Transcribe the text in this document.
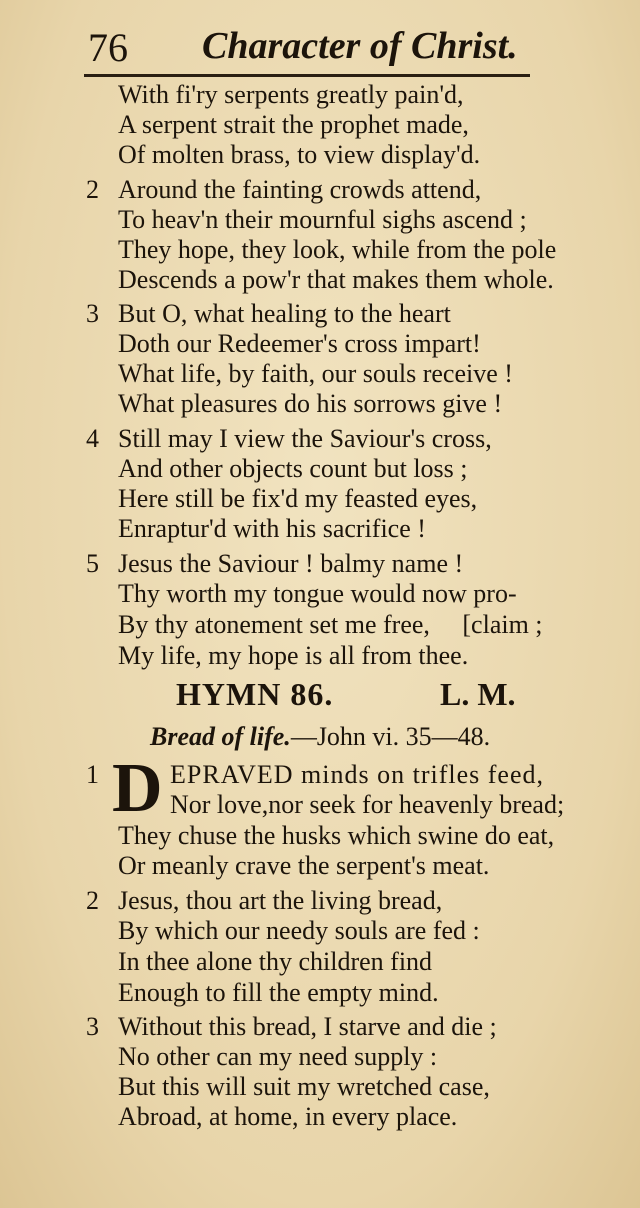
76 Character of Christ.
With fi'ry serpents greatly pain'd,
A serpent strait the prophet made,
Of molten brass, to view display'd.
2 Around the fainting crowds attend,
To heav'n their mournful sighs ascend ;
They hope, they look, while from the pole
Descends a pow'r that makes them whole.
3 But O, what healing to the heart
Doth our Redeemer's cross impart!
What life, by faith, our souls receive !
What pleasures do his sorrows give !
4 Still may I view the Saviour's cross,
And other objects count but loss ;
Here still be fix'd my feasted eyes,
Enraptur'd with his sacrifice !
5 Jesus the Saviour ! balmy name !
Thy worth my tongue would now pro-
By thy atonement set me free,     [claim ;
My life, my hope is all from thee.
HYMN 86.	L. M.
Bread of life.—John vi. 35—48.
1 D EPRAVED minds on trifles feed,
Nor love,nor seek for heavenly bread;
They chuse the husks which swine do eat,
Or meanly crave the serpent's meat.
2 Jesus, thou art the living bread,
By which our needy souls are fed :
In thee alone thy children find
Enough to fill the empty mind.
3 Without this bread, I starve and die ;
No other can my need supply :
But this will suit my wretched case,
Abroad, at home, in every place.
